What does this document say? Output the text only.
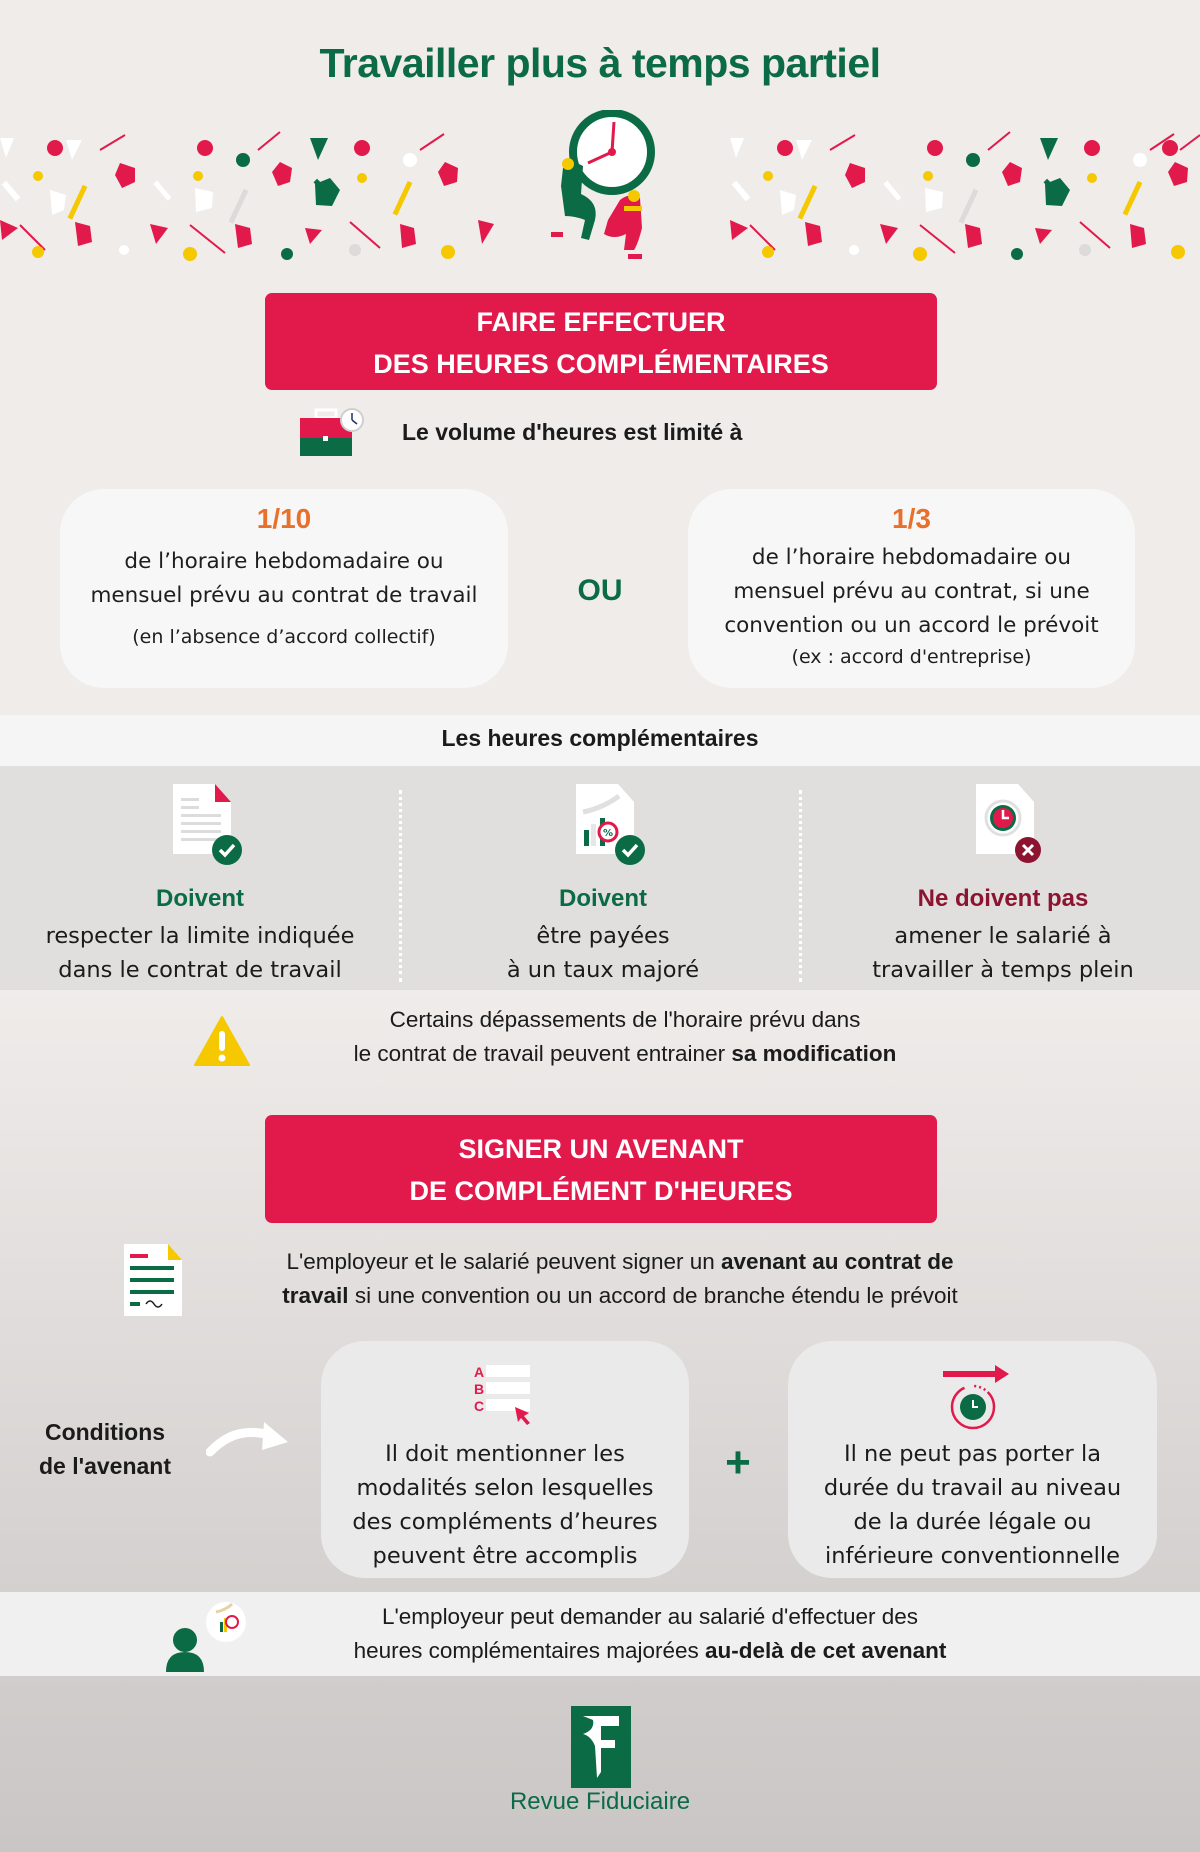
Travailler plus à temps partiel
FAIRE EFFECTUER
DES HEURES COMPLÉMENTAIRES
Le volume d'heures est limité à
1/10
de l’horaire hebdomadaire ou
mensuel prévu au contrat de travail
(en l’absence d’accord collectif)
OU
1/3
de l’horaire hebdomadaire ou
mensuel prévu au contrat, si une
convention ou un accord le prévoit
(ex : accord d'entreprise)
Les heures complémentaires
Doivent
respecter la limite indiquée
dans le contrat de travail
%
Doivent
être payées
à un taux majoré
Ne doivent pas
amener le salarié à
travailler à temps plein
Certains dépassements de l'horaire prévu dans
le contrat de travail peuvent entrainer sa modification
SIGNER UN AVENANT
DE COMPLÉMENT D'HEURES
L'employeur et le salarié peuvent signer un avenant au contrat de
travail si une convention ou un accord de branche étendu le prévoit
Conditions
de l'avenant
A
B
C
Il doit mentionner les
modalités selon lesquelles
des compléments d’heures
peuvent être accomplis
+	Il ne peut pas porter la
durée du travail au niveau
de la durée légale ou
inférieure conventionnelle
L'employeur peut demander au salarié d'effectuer des
heures complémentaires majorées au-delà de cet avenant
Revue Fiduciaire
